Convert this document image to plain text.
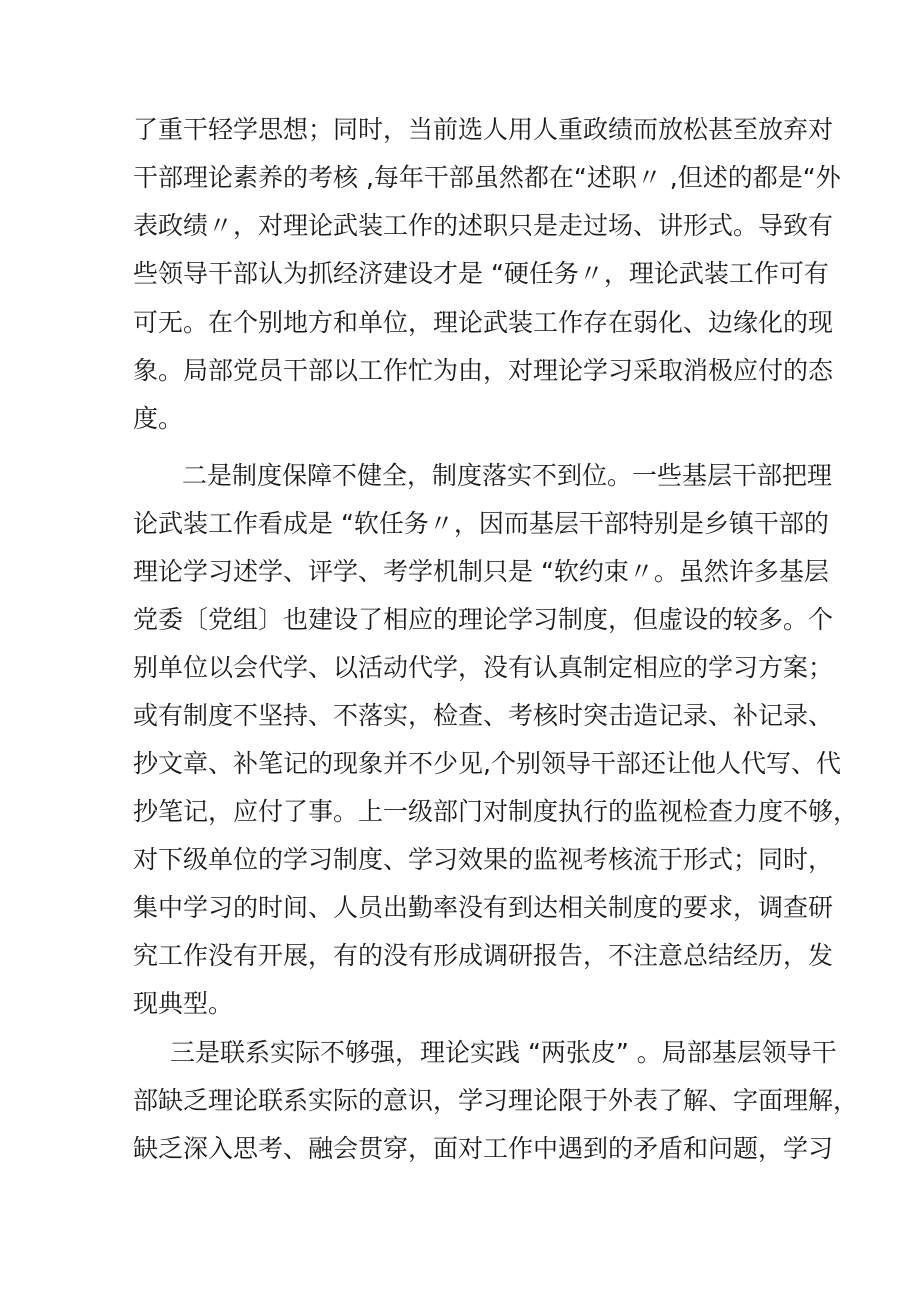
了重干轻学思想；同时，当前选人用人重政绩而放松甚至放弃对

干部理论素养的考核 ,每年干部虽然都在“述职〃 ,但述的都是“外

表政绩〃，对理论武装工作的述职只是走过场、讲形式。导致有

些领导干部认为抓经济建设才是 “硬任务〃，理论武装工作可有

可无。在个别地方和单位，理论武装工作存在弱化、边缘化的现

象。局部党员干部以工作忙为由，对理论学习采取消极应付的态

度。

二是制度保障不健全，制度落实不到位。一些基层干部把理

论武装工作看成是 “软任务〃，因而基层干部特别是乡镇干部的

理论学习述学、评学、考学机制只是 “软约束〃。虽然许多基层

党委〔党组〕也建设了相应的理论学习制度，但虚设的较多。个

别单位以会代学、以活动代学，没有认真制定相应的学习方案；

或有制度不坚持、不落实，检查、考核时突击造记录、补记录、

抄文章、补笔记的现象并不少见,个别领导干部还让他人代写、代

抄笔记，应付了事。上一级部门对制度执行的监视检查力度不够，

对下级单位的学习制度、学习效果的监视考核流于形式；同时，

集中学习的时间、人员出勤率没有到达相关制度的要求，调查研

究工作没有开展，有的没有形成调研报告，不注意总结经历，发

现典型。

三是联系实际不够强，理论实践 “两张皮” 。局部基层领导干

部缺乏理论联系实际的意识，学习理论限于外表了解、字面理解，

缺乏深入思考、融会贯穿，面对工作中遇到的矛盾和问题，学习
